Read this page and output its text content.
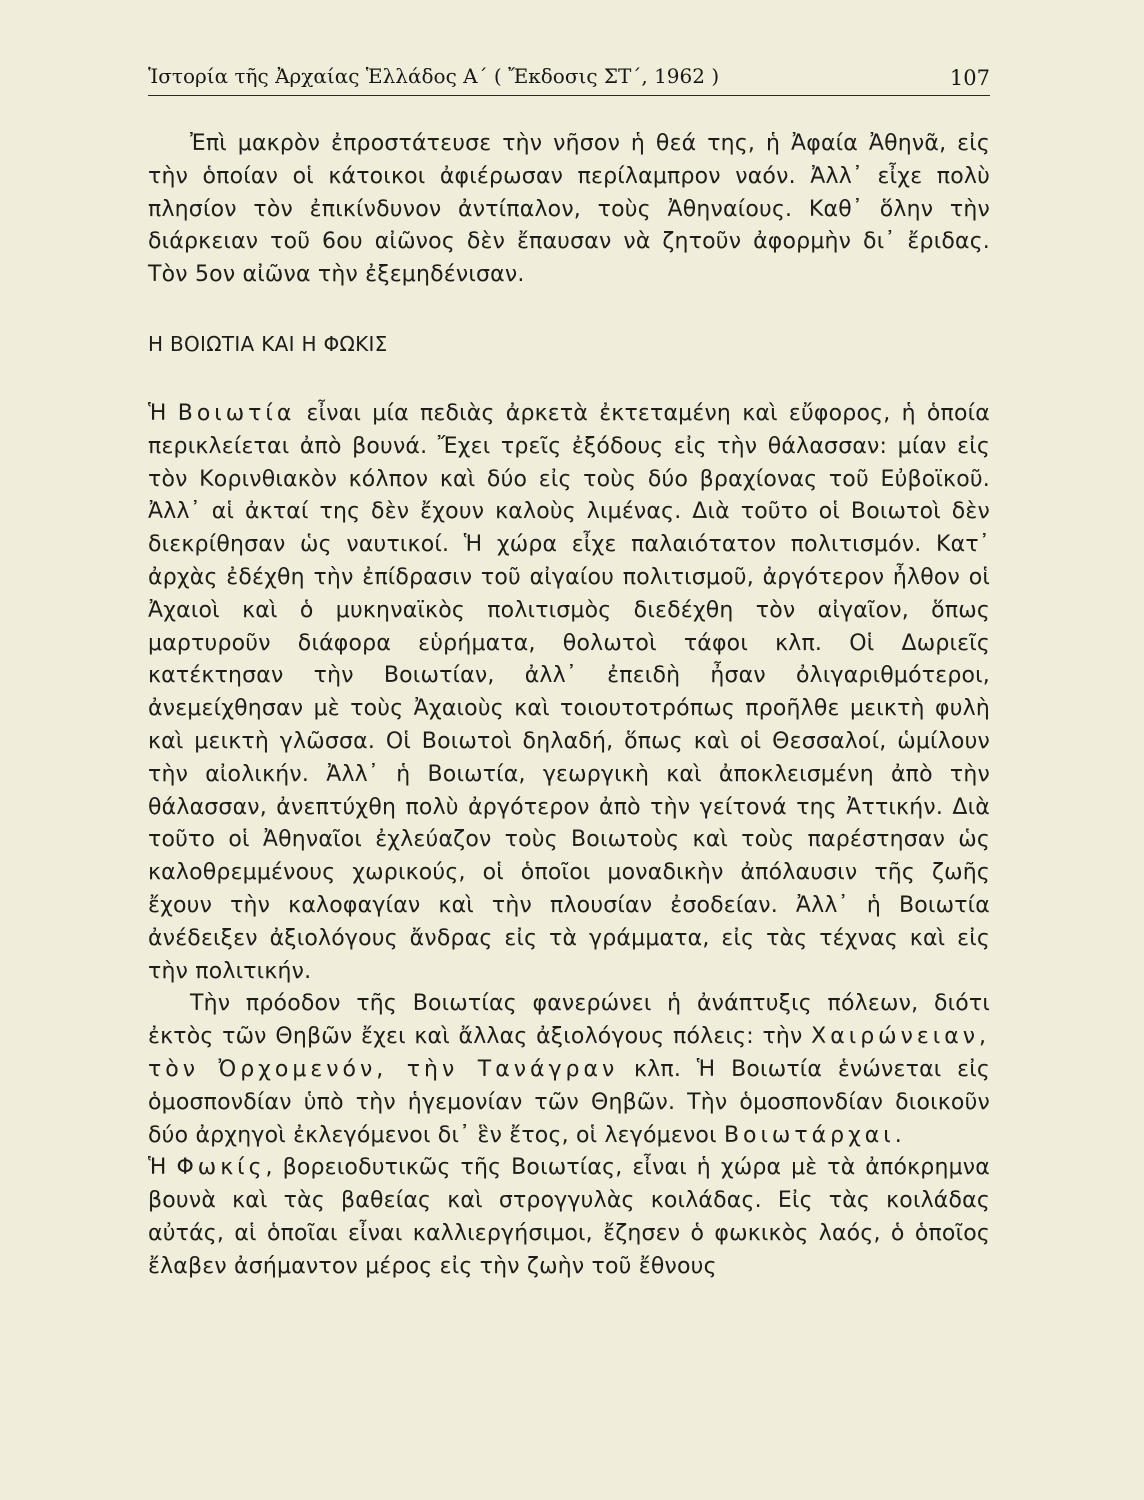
Ἱστορία τῆς Ἀρχαίας Ἑλλάδος Α΄ ( Ἔκδοσις ΣΤ΄, 1962 )	107

Ἐπὶ μακρὸν ἐπροστάτευσε τὴν νῆσον ἡ θεά της, ἡ Ἀφαία Ἀθηνᾶ, εἰς τὴν ὁποίαν οἱ κάτοικοι ἀφιέρωσαν περίλαμπρον ναόν. Ἀλλ᾽ εἶχε πολὺ πλησίον τὸν ἐπικίνδυνον ἀντίπαλον, τοὺς Ἀθηναίους. Καθ᾽ ὅλην τὴν διάρκειαν τοῦ 6ου αἰῶνος δὲν ἔπαυσαν νὰ ζητοῦν ἀφορμὴν δι᾽ ἔριδας. Τὸν 5ον αἰῶνα τὴν ἐξεμηδένισαν.

Η ΒΟΙΩΤΙΑ ΚΑΙ Η ΦΩΚΙΣ

Ἡ Βοιωτία εἶναι μία πεδιὰς ἀρκετὰ ἐκτεταμένη καὶ εὔφορος, ἡ ὁποία περικλείεται ἀπὸ βουνά. Ἔχει τρεῖς ἐξόδους εἰς τὴν θάλασσαν: μίαν εἰς τὸν Κορινθιακὸν κόλπον καὶ δύο εἰς τοὺς δύο βραχίονας τοῦ Εὐβοϊκοῦ. Ἀλλ᾽ αἱ ἀκταί της δὲν ἔχουν καλοὺς λιμένας. Διὰ τοῦτο οἱ Βοιωτοὶ δὲν διεκρίθησαν ὡς ναυτικοί. Ἡ χώρα εἶχε παλαιότατον πολιτισμόν. Κατ᾽ ἀρχὰς ἐδέχθη τὴν ἐπίδρασιν τοῦ αἰγαίου πολιτισμοῦ, ἀργότερον ἦλθον οἱ Ἀχαιοὶ καὶ ὁ μυκηναϊκὸς πολιτισμὸς διεδέχθη τὸν αἰγαῖον, ὅπως μαρτυροῦν διάφορα εὑρήματα, θολωτοὶ τάφοι κλπ. Οἱ Δωριεῖς κατέκτησαν τὴν Βοιωτίαν, ἀλλ᾽ ἐπειδὴ ἦσαν ὀλιγαριθμότεροι, ἀνεμείχθησαν μὲ τοὺς Ἀχαιοὺς καὶ τοιουτοτρόπως προῆλθε μεικτὴ φυλὴ καὶ μεικτὴ γλῶσσα. Οἱ Βοιωτοὶ δηλαδή, ὅπως καὶ οἱ Θεσσαλοί, ὡμίλουν τὴν αἰολικήν. Ἀλλ᾽ ἡ Βοιωτία, γεωργικὴ καὶ ἀποκλεισμένη ἀπὸ τὴν θάλασσαν, ἀνεπτύχθη πολὺ ἀργότερον ἀπὸ τὴν γείτονά της Ἀττικήν. Διὰ τοῦτο οἱ Ἀθηναῖοι ἐχλεύαζον τοὺς Βοιωτοὺς καὶ τοὺς παρέστησαν ὡς καλοθρεμμένους χωρικούς, οἱ ὁποῖοι μοναδικὴν ἀπόλαυσιν τῆς ζωῆς ἔχουν τὴν καλοφαγίαν καὶ τὴν πλουσίαν ἐσοδείαν. Ἀλλ᾽ ἡ Βοιωτία ἀνέδειξεν ἀξιολόγους ἄνδρας εἰς τὰ γράμματα, εἰς τὰς τέχνας καὶ εἰς τὴν πολιτικήν.

Τὴν πρόοδον τῆς Βοιωτίας φανερώνει ἡ ἀνάπτυξις πόλεων, διότι ἐκτὸς τῶν Θηβῶν ἔχει καὶ ἄλλας ἀξιολόγους πόλεις: τὴν Χαιρώνειαν, τὸν Ὀρχομενόν, τὴν Τανάγραν κλπ. Ἡ Βοιωτία ἑνώνεται εἰς ὁμοσπονδίαν ὑπὸ τὴν ἡγεμονίαν τῶν Θηβῶν. Τὴν ὁμοσπονδίαν διοικοῦν δύο ἀρχηγοὶ ἐκλεγόμενοι δι᾽ ἓν ἔτος, οἱ λεγόμενοι Βοιωτάρχαι.

Ἡ Φωκίς, βορειοδυτικῶς τῆς Βοιωτίας, εἶναι ἡ χώρα μὲ τὰ ἀπόκρημνα βουνὰ καὶ τὰς βαθείας καὶ στρογγυλὰς κοιλάδας. Εἰς τὰς κοιλάδας αὐτάς, αἱ ὁποῖαι εἶναι καλλιεργήσιμοι, ἔζησεν ὁ φωκικὸς λαός, ὁ ὁποῖος ἔλαβεν ἀσήμαντον μέρος εἰς τὴν ζωὴν τοῦ ἔθνους
